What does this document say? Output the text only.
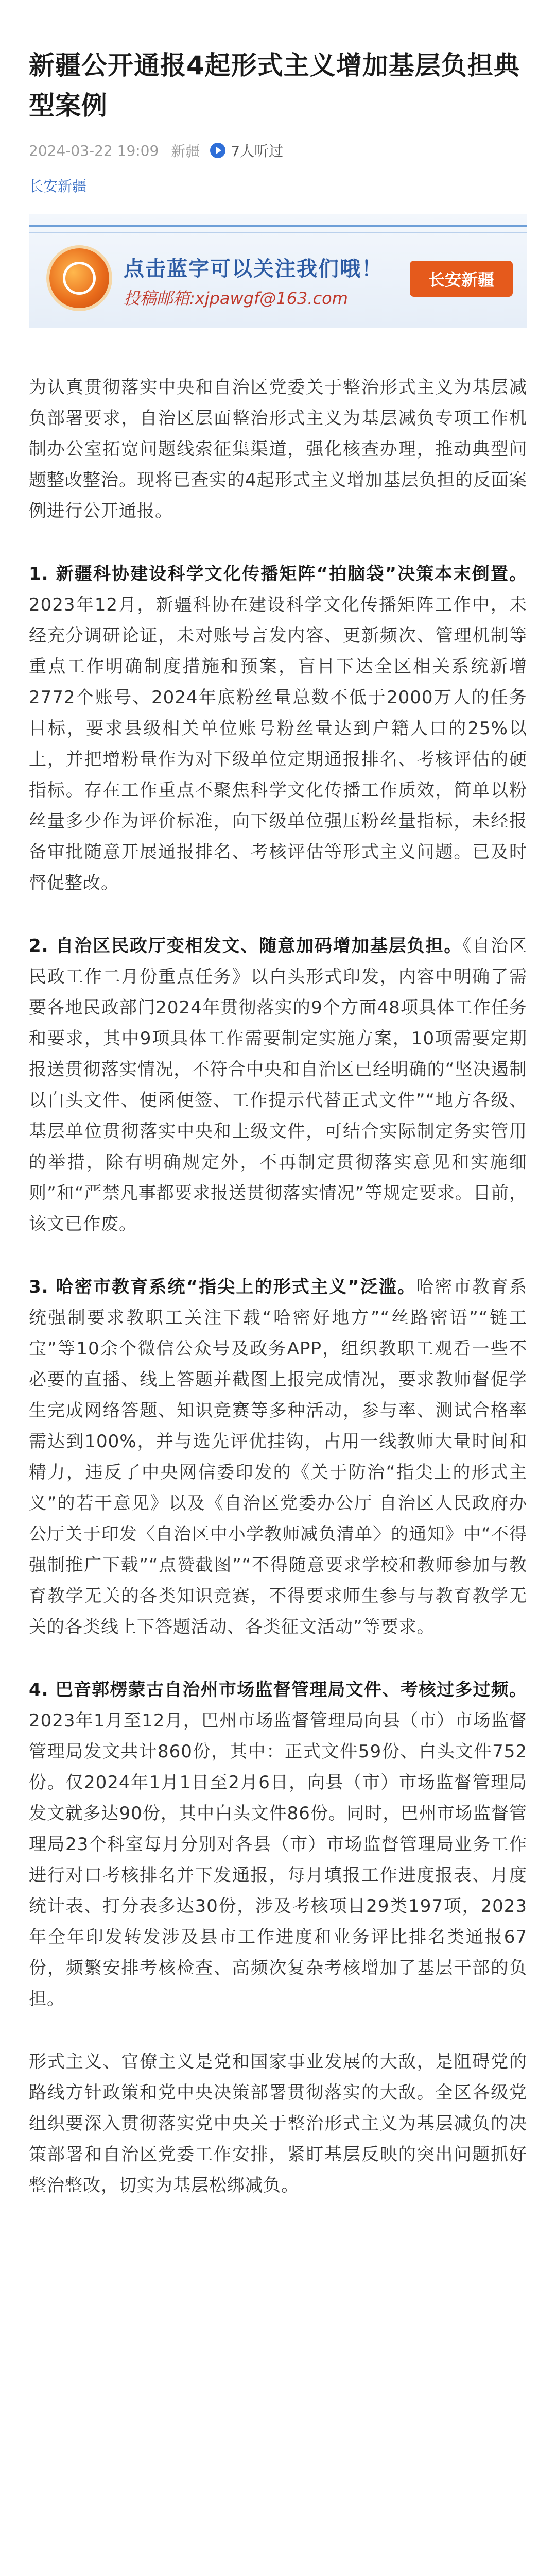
新疆公开通报4起形式主义增加基层负担典型案例
2024-03-22 19:09 新疆 7人听过
长安新疆
点击蓝字可以关注我们哦！
投稿邮箱:xjpawgf@163.com
长安新疆

为认真贯彻落实中央和自治区党委关于整治形式主义为基层减负部署要求，自治区层面整治形式主义为基层减负专项工作机制办公室拓宽问题线索征集渠道，强化核查办理，推动典型问题整改整治。现将已查实的4起形式主义增加基层负担的反面案例进行公开通报。

1. 新疆科协建设科学文化传播矩阵“拍脑袋”决策本末倒置。2023年12月，新疆科协在建设科学文化传播矩阵工作中，未经充分调研论证，未对账号言发内容、更新频次、管理机制等重点工作明确制度措施和预案，盲目下达全区相关系统新增2772个账号、2024年底粉丝量总数不低于2000万人的任务目标，要求县级相关单位账号粉丝量达到户籍人口的25%以上，并把增粉量作为对下级单位定期通报排名、考核评估的硬指标。存在工作重点不聚焦科学文化传播工作质效，简单以粉丝量多少作为评价标准，向下级单位强压粉丝量指标，未经报备审批随意开展通报排名、考核评估等形式主义问题。已及时督促整改。

2. 自治区民政厅变相发文、随意加码增加基层负担。《自治区民政工作二月份重点任务》以白头形式印发，内容中明确了需要各地民政部门2024年贯彻落实的9个方面48项具体工作任务和要求，其中9项具体工作需要制定实施方案，10项需要定期报送贯彻落实情况，不符合中央和自治区已经明确的“坚决遏制以白头文件、便函便签、工作提示代替正式文件”“地方各级、基层单位贯彻落实中央和上级文件，可结合实际制定务实管用的举措，除有明确规定外，不再制定贯彻落实意见和实施细则”和“严禁凡事都要求报送贯彻落实情况”等规定要求。目前，该文已作废。

3. 哈密市教育系统“指尖上的形式主义”泛滥。哈密市教育系统强制要求教职工关注下载“哈密好地方”“丝路密语”“链工宝”等10余个微信公众号及政务APP，组织教职工观看一些不必要的直播、线上答题并截图上报完成情况，要求教师督促学生完成网络答题、知识竞赛等多种活动，参与率、测试合格率需达到100%，并与选先评优挂钩，占用一线教师大量时间和精力，违反了中央网信委印发的《关于防治“指尖上的形式主义”的若干意见》以及《自治区党委办公厅 自治区人民政府办公厅关于印发〈自治区中小学教师减负清单〉的通知》中“不得强制推广下载”“点赞截图”“不得随意要求学校和教师参加与教育教学无关的各类知识竞赛，不得要求师生参与与教育教学无关的各类线上下答题活动、各类征文活动”等要求。

4. 巴音郭楞蒙古自治州市场监督管理局文件、考核过多过频。2023年1月至12月，巴州市场监督管理局向县（市）市场监督管理局发文共计860份，其中：正式文件59份、白头文件752份。仅2024年1月1日至2月6日，向县（市）市场监督管理局发文就多达90份，其中白头文件86份。同时，巴州市场监督管理局23个科室每月分别对各县（市）市场监督管理局业务工作进行对口考核排名并下发通报，每月填报工作进度报表、月度统计表、打分表多达30份，涉及考核项目29类197项，2023年全年印发转发涉及县市工作进度和业务评比排名类通报67份，频繁安排考核检查、高频次复杂考核增加了基层干部的负担。

形式主义、官僚主义是党和国家事业发展的大敌，是阻碍党的路线方针政策和党中央决策部署贯彻落实的大敌。全区各级党组织要深入贯彻落实党中央关于整治形式主义为基层减负的决策部署和自治区党委工作安排，紧盯基层反映的突出问题抓好整治整改，切实为基层松绑减负。
